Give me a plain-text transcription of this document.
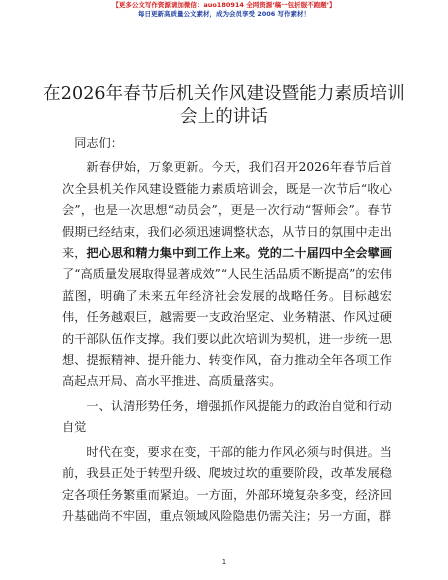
【更多公文写作资源请加微信：auo180914 全网资源‘稿一包折服不跑题’】
每日更新高质量公文素材，成为会员享受 2006 写作素材！
在2026年春节后机关作风建设暨能力素质培训会上的讲话

同志们：

新春伊始，万象更新。今天，我们召开2026年春节后首次全县机关作风建设暨能力素质培训会，既是一次节后“收心会”，也是一次思想“动员会”，更是一次行动“誓师会”。春节假期已经结束，我们必须迅速调整状态，从节日的氛围中走出来，把心思和精力集中到工作上来。党的二十届四中全会擘画了“高质量发展取得显著成效”“人民生活品质不断提高”的宏伟蓝图，明确了未来五年经济社会发展的战略任务。目标越宏伟，任务越艰巨，越需要一支政治坚定、业务精湛、作风过硬的干部队伍作支撑。我们要以此次培训为契机，进一步统一思想、提振精神、提升能力、转变作风，奋力推动全年各项工作高起点开局、高水平推进、高质量落实。

一、认清形势任务，增强抓作风提能力的政治自觉和行动自觉

时代在变，要求在变，干部的能力作风必须与时俱进。当前，我县正处于转型升级、爬坡过坎的重要阶段，改革发展稳定各项任务繁重而紧迫。一方面，外部环境复杂多变，经济回升基础尚不牢固，重点领域风险隐患仍需关注；另一方面，群

1
